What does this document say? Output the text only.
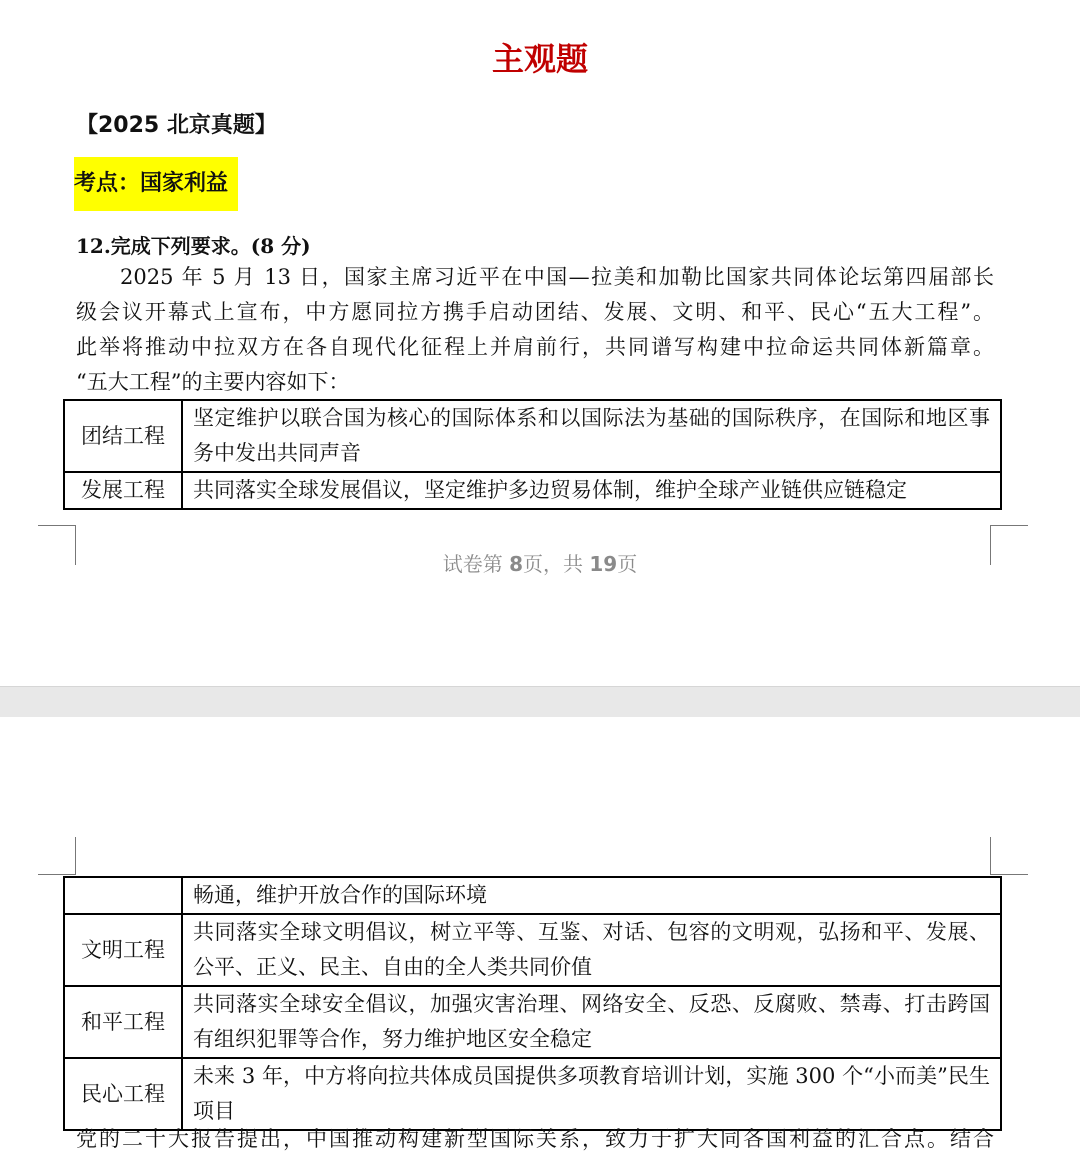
主观题
【2025 北京真题】
考点：国家利益
12.完成下列要求。(8 分)
2025 年 5 月 13 日，国家主席习近平在中国—拉美和加勒比国家共同体论坛第四届部长
级会议开幕式上宣布，中方愿同拉方携手启动团结、发展、文明、和平、民心“五大工程”。
此举将推动中拉双方在各自现代化征程上并肩前行，共同谱写构建中拉命运共同体新篇章。
“五大工程”的主要内容如下：
团结工程	坚定维护以联合国为核心的国际体系和以国际法为基础的国际秩序，在国际和地区事务中发出共同声音
发展工程	共同落实全球发展倡议，坚定维护多边贸易体制，维护全球产业链供应链稳定
试卷第 8页，共 19页
	畅通，维护开放合作的国际环境
文明工程	共同落实全球文明倡议，树立平等、互鉴、对话、包容的文明观，弘扬和平、发展、公平、正义、民主、自由的全人类共同价值
和平工程	共同落实全球安全倡议，加强灾害治理、网络安全、反恐、反腐败、禁毒、打击跨国有组织犯罪等合作，努力维护地区安全稳定
民心工程	未来 3 年，中方将向拉共体成员国提供多项教育培训计划，实施 300 个“小而美”民生项目
党的二十大报告提出，中国推动构建新型国际关系，致力于扩大同各国利益的汇合点。结合
